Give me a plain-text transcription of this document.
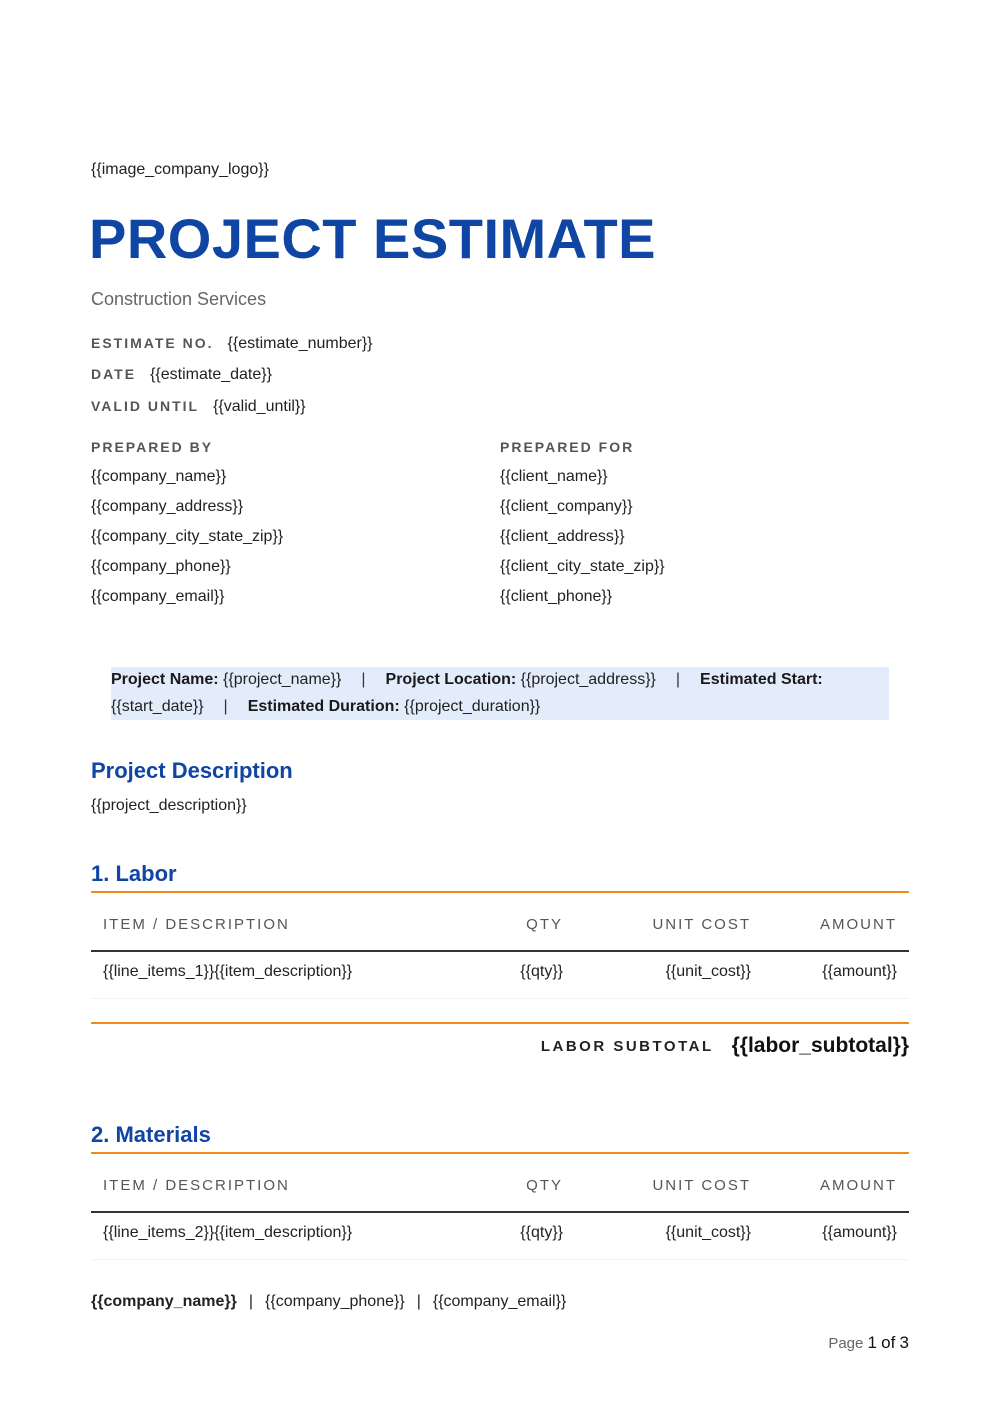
{{image_company_logo}}
PROJECT ESTIMATE
Construction Services
ESTIMATE NO. {{estimate_number}}
DATE {{estimate_date}}
VALID UNTIL {{valid_until}}
PREPARED BY
{{company_name}}
{{company_address}}
{{company_city_state_zip}}
{{company_phone}}
{{company_email}}
PREPARED FOR
{{client_name}}
{{client_company}}
{{client_address}}
{{client_city_state_zip}}
{{client_phone}}
Project Name: {{project_name}} | Project Location: {{project_address}} | Estimated Start: {{start_date}} | Estimated Duration: {{project_duration}}
Project Description
{{project_description}}
1. Labor
ITEM / DESCRIPTION	QTY	UNIT COST	AMOUNT
{{line_items_1}}{{item_description}}	{{qty}}	{{unit_cost}}	{{amount}}
LABOR SUBTOTAL {{labor_subtotal}}
2. Materials
ITEM / DESCRIPTION	QTY	UNIT COST	AMOUNT
{{line_items_2}}{{item_description}}	{{qty}}	{{unit_cost}}	{{amount}}
{{company_name}} | {{company_phone}} | {{company_email}}
Page 1 of 3
